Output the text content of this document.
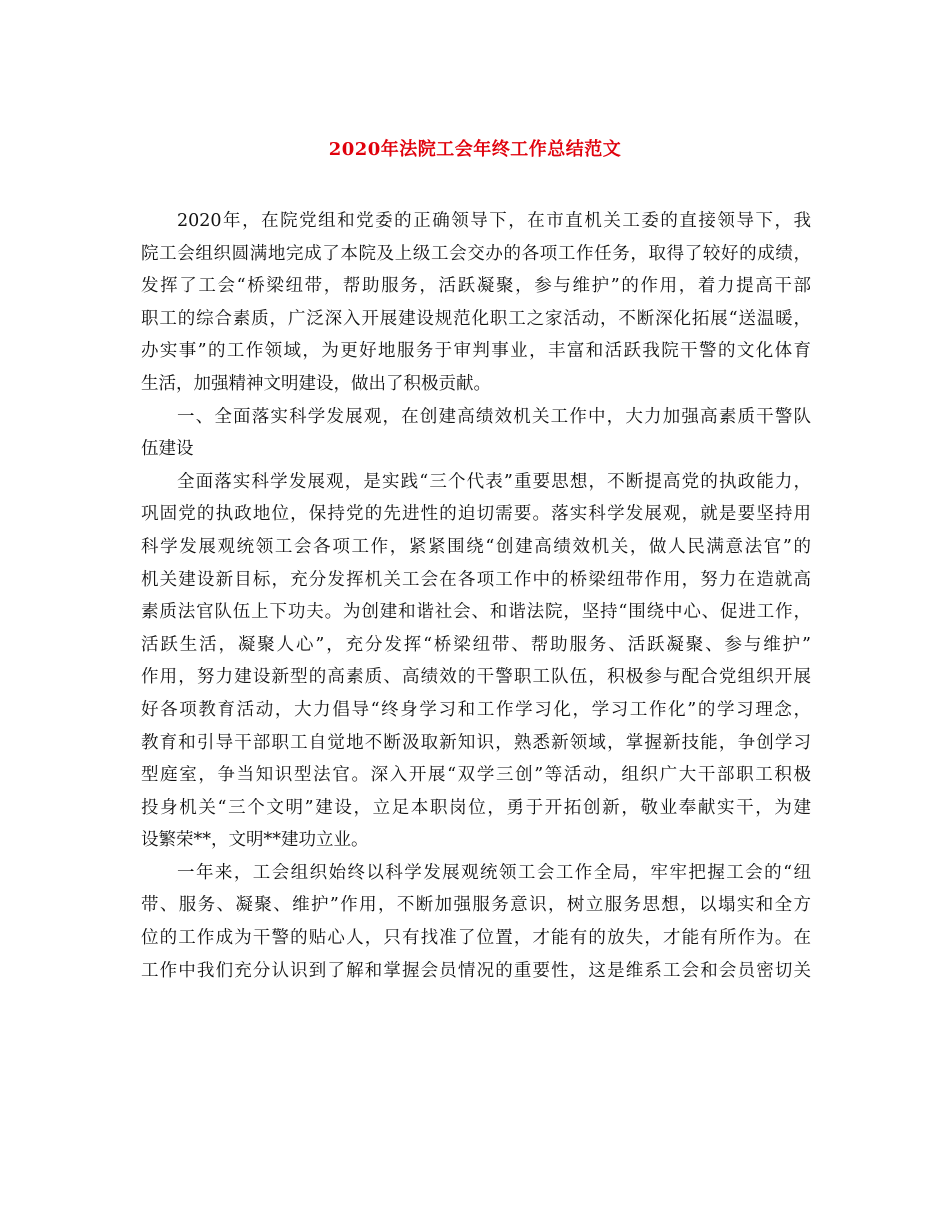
2020年法院工会年终工作总结范文
2020年，在院党组和党委的正确领导下，在市直机关工委的直接领导下，我
院工会组织圆满地完成了本院及上级工会交办的各项工作任务，取得了较好的成绩，
发挥了工会“桥梁纽带，帮助服务，活跃凝聚，参与维护”的作用，着力提高干部
职工的综合素质，广泛深入开展建设规范化职工之家活动，不断深化拓展“送温暖，
办实事”的工作领域，为更好地服务于审判事业，丰富和活跃我院干警的文化体育
生活，加强精神文明建设，做出了积极贡献。
一、全面落实科学发展观，在创建高绩效机关工作中，大力加强高素质干警队
伍建设
全面落实科学发展观，是实践“三个代表”重要思想，不断提高党的执政能力，
巩固党的执政地位，保持党的先进性的迫切需要。落实科学发展观，就是要坚持用
科学发展观统领工会各项工作，紧紧围绕“创建高绩效机关，做人民满意法官”的
机关建设新目标，充分发挥机关工会在各项工作中的桥梁纽带作用，努力在造就高
素质法官队伍上下功夫。为创建和谐社会、和谐法院，坚持“围绕中心、促进工作，
活跃生活，凝聚人心”，充分发挥“桥梁纽带、帮助服务、活跃凝聚、参与维护”
作用，努力建设新型的高素质、高绩效的干警职工队伍，积极参与配合党组织开展
好各项教育活动，大力倡导“终身学习和工作学习化，学习工作化”的学习理念，
教育和引导干部职工自觉地不断汲取新知识，熟悉新领域，掌握新技能，争创学习
型庭室，争当知识型法官。深入开展“双学三创”等活动，组织广大干部职工积极
投身机关“三个文明”建设，立足本职岗位，勇于开拓创新，敬业奉献实干，为建
设繁荣**，文明**建功立业。
一年来，工会组织始终以科学发展观统领工会工作全局，牢牢把握工会的“纽
带、服务、凝聚、维护”作用，不断加强服务意识，树立服务思想，以塌实和全方
位的工作成为干警的贴心人，只有找准了位置，才能有的放失，才能有所作为。在
工作中我们充分认识到了解和掌握会员情况的重要性，这是维系工会和会员密切关
